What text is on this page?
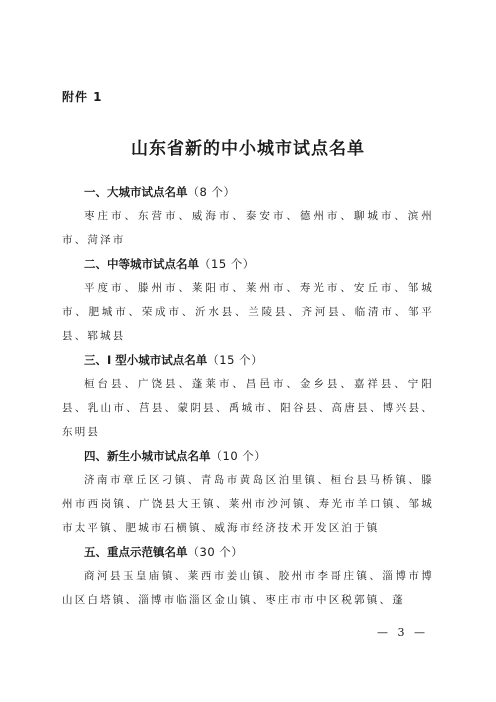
附件 1
山东省新的中小城市试点名单
一、大城市试点名单（8 个）
枣庄市、东营市、威海市、泰安市、德州市、聊城市、滨州市、菏泽市
二、中等城市试点名单（15 个）
平度市、滕州市、莱阳市、莱州市、寿光市、安丘市、邹城市、肥城市、荣成市、沂水县、兰陵县、齐河县、临清市、邹平县、郓城县
三、I 型小城市试点名单（15 个）
桓台县、广饶县、蓬莱市、昌邑市、金乡县、嘉祥县、宁阳县、乳山市、莒县、蒙阴县、禹城市、阳谷县、高唐县、博兴县、东明县
四、新生小城市试点名单（10 个）
济南市章丘区刁镇、青岛市黄岛区泊里镇、桓台县马桥镇、滕州市西岗镇、广饶县大王镇、莱州市沙河镇、寿光市羊口镇、邹城市太平镇、肥城市石横镇、威海市经济技术开发区泊于镇
五、重点示范镇名单（30 个）
商河县玉皇庙镇、莱西市姜山镇、胶州市李哥庄镇、淄博市博山区白塔镇、淄博市临淄区金山镇、枣庄市市中区税郭镇、蓬
— 3 —
